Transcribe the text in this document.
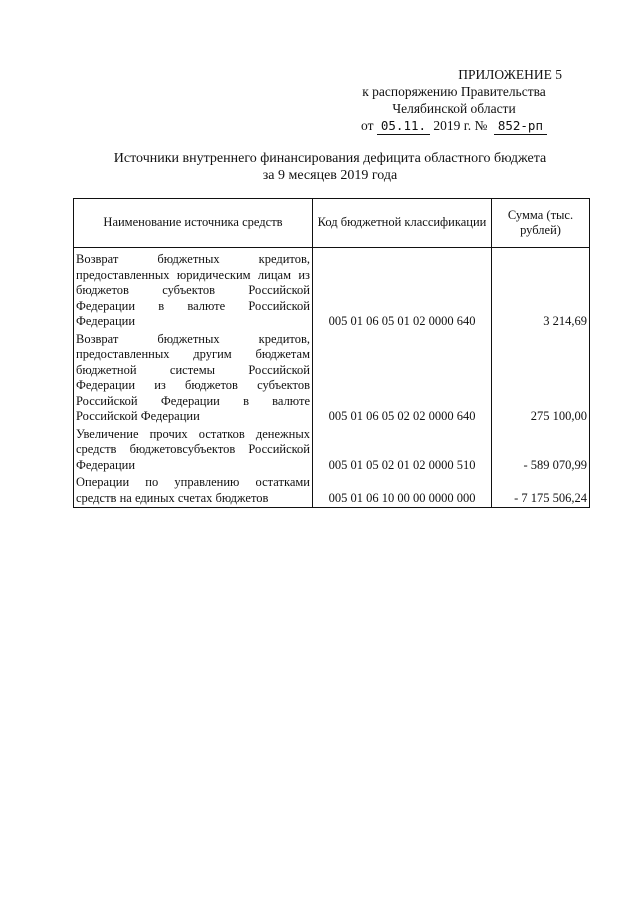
ПРИЛОЖЕНИЕ 5
к распоряжению Правительства
Челябинской области
от 05.11. 2019 г. № 852-рп
Источники внутреннего финансирования дефицита областного бюджета
за 9 месяцев 2019 года
Наименование источника средств	Код бюджетной классификации	Сумма (тыс. рублей)
Возврат бюджетных кредитов, предоставленных юридическим лицам из бюджетов субъектов Российской Федерации в валюте Российской Федерации	005 01 06 05 01 02 0000 640	3 214,69
Возврат бюджетных кредитов, предоставленных другим бюджетам бюджетной системы Российской Федерации из бюджетов субъектов Российской Федерации в валюте Российской Федерации	005 01 06 05 02 02 0000 640	275 100,00
Увеличение прочих остатков денежных средств бюджетовсубъектов Российской Федерации	005 01 05 02 01 02 0000 510	- 589 070,99
Операции по управлению остатками средств на единых счетах бюджетов	005 01 06 10 00 00 0000 000	- 7 175 506,24
